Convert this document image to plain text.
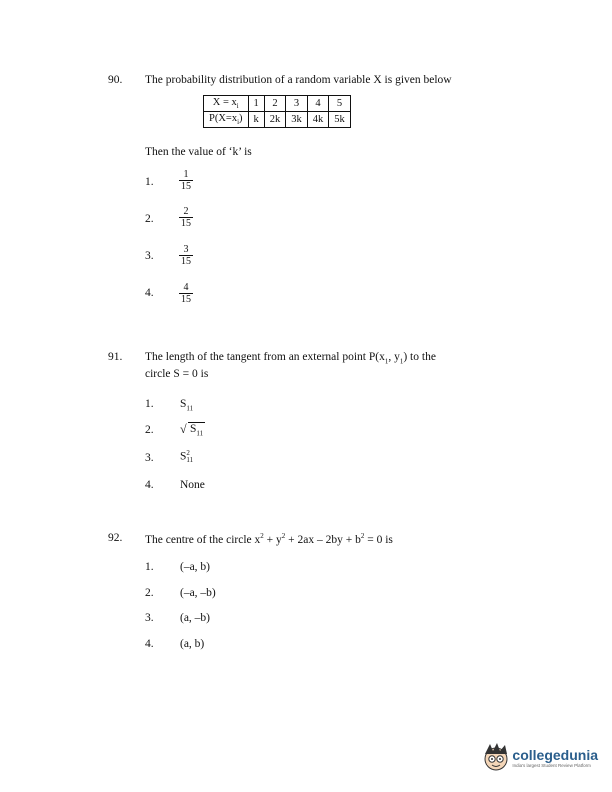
90. The probability distribution of a random variable X is given below
$X = x_i$	1	2	3	4	5
$P(X=x_i)$	k	2k	3k	4k	5k
Then the value of ‘k’ is
1.	$\frac{1}{15}$
2.	$\frac{2}{15}$
3.	$\frac{3}{15}$
4.	$\frac{4}{15}$
91. The length of the tangent from an external point $P(x_1$, $y_1$) to the
circle S = 0 is
1. $S_{11}$
2.	√ $S_{11}$
3. S 2
11
4. None
92. The centre of the circle $x^2 + y^2 + 2ax - 2by + b^2 = 0$ is
1. (–a, b)
2. (–a, –b)
3. (a, –b)
4. (a, b)
collegedunia
India's largest Student Review Platform
